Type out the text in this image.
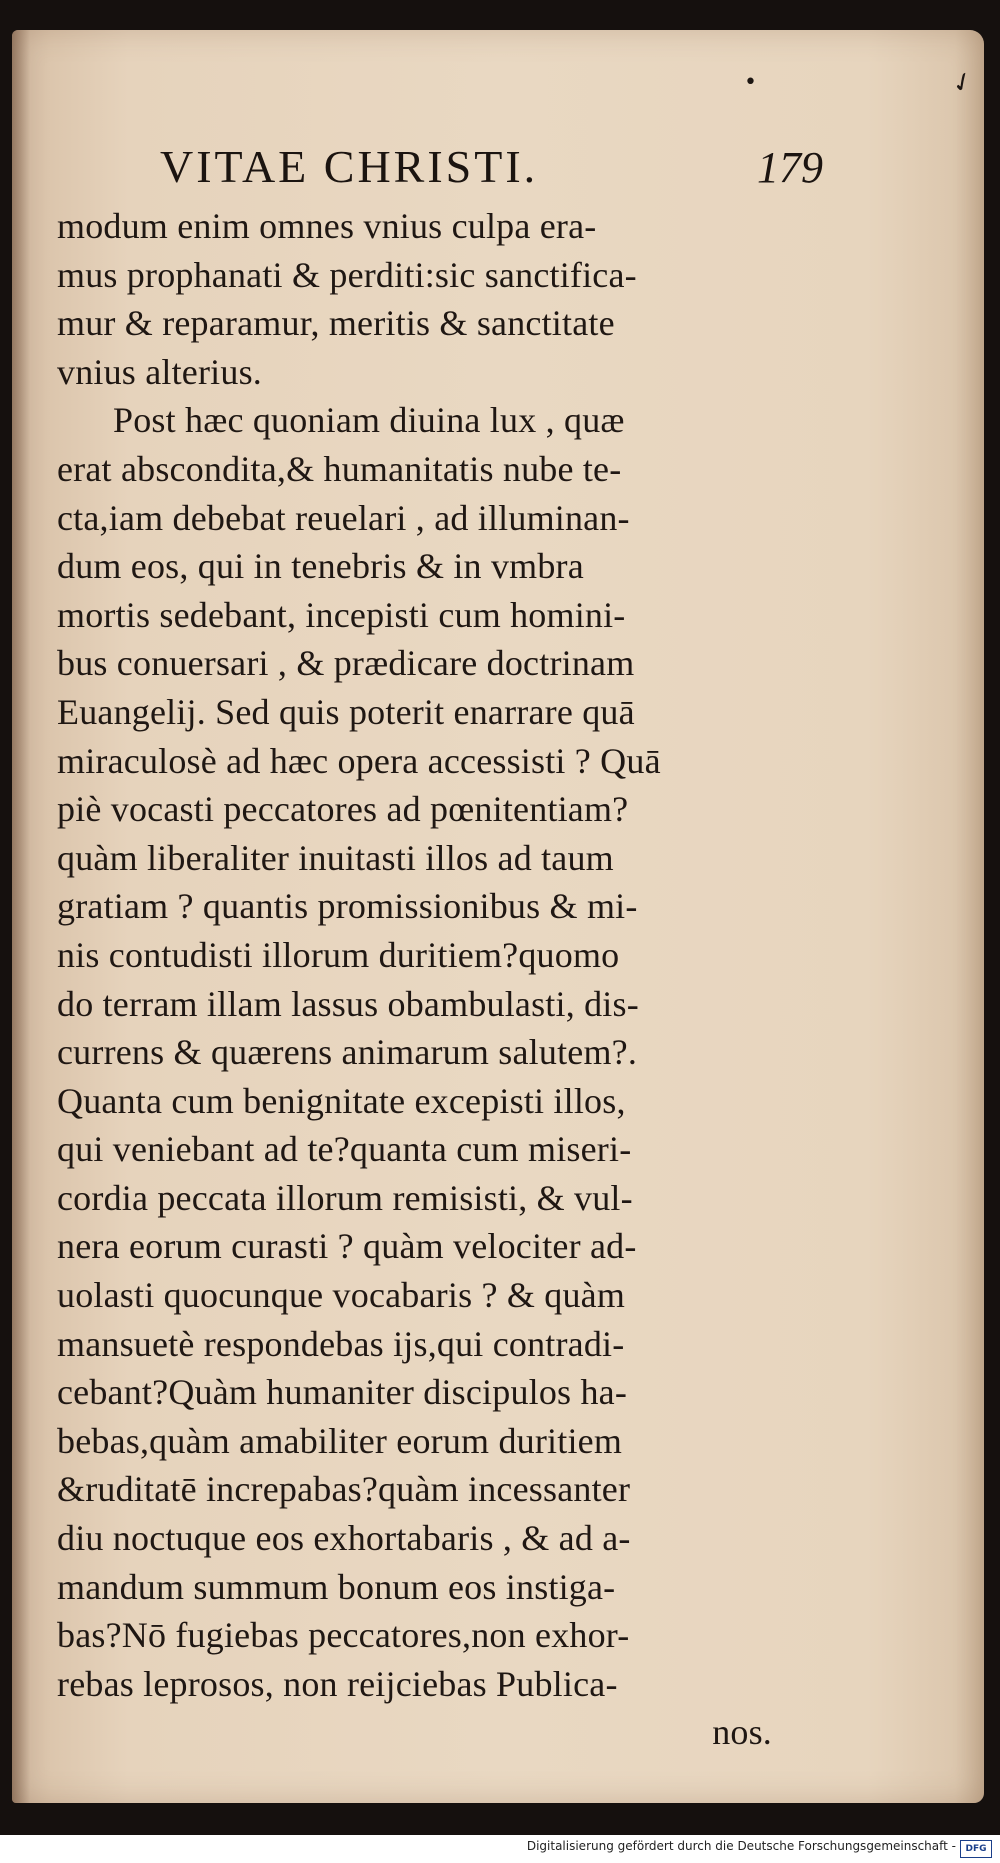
•	✓
VITAE CHRISTI.	179
modum enim omnes vnius culpa era-
mus prophanati & perditi:sic sanctifica-
mur & reparamur, meritis & sanctitate
vnius alterius.
Post hæc quoniam diuina lux , quæ
erat abscondita,& humanitatis nube te-
cta,iam debebat reuelari , ad illuminan-
dum eos, qui in tenebris & in vmbra
mortis sedebant, incepisti cum homini-
bus conuersari , & prædicare doctrinam
Euangelij. Sed quis poterit enarrare quā
miraculosè ad hæc opera accessisti ? Quā
piè vocasti peccatores ad pœnitentiam?
quàm liberaliter inuitasti illos ad taum
gratiam ? quantis promissionibus & mi-
nis contudisti illorum duritiem?quomo
do terram illam lassus obambulasti, dis-
currens & quærens animarum salutem?.
Quanta cum benignitate excepisti illos,
qui veniebant ad te?quanta cum miseri-
cordia peccata illorum remisisti, & vul-
nera eorum curasti ? quàm velociter ad-
uolasti quocunque vocabaris ? & quàm
mansuetè respondebas ijs,qui contradi-
cebant?Quàm humaniter discipulos ha-
bebas,quàm amabiliter eorum duritiem
&ruditatē increpabas?quàm incessanter
diu noctuque eos exhortabaris , & ad a-
mandum summum bonum eos instiga-
bas?Nō fugiebas peccatores,non exhor-
rebas leprosos, non reijciebas Publica-
nos.
Digitalisierung gefördert durch die Deutsche Forschungsgemeinschaft -	DFG
